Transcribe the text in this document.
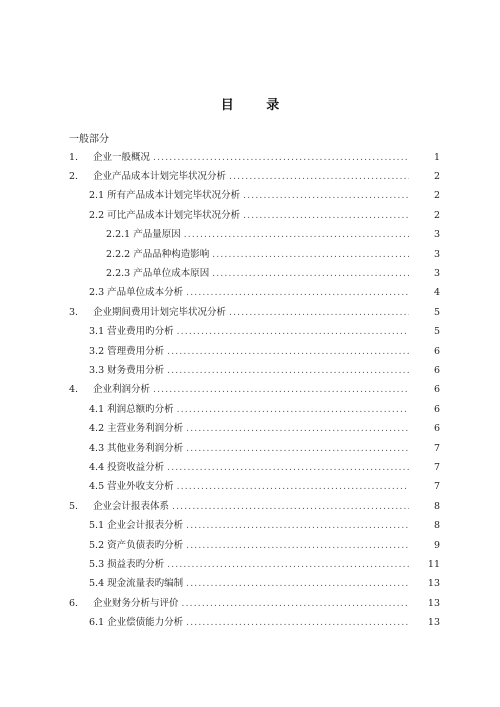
目 录
一般部分
1.	企业一般概况 .....	1
2.	企业产品成本计划完毕状况分析 .....	2
2.1 所有产品成本计划完毕状况分析 .....	2
2.2 可比产品成本计划完毕状况分析 .....	2
2.2.1 产品量原因 .....	3
2.2.2 产品品种构造影响 .....	3
2.2.3 产品单位成本原因 .....	3
2.3 产品单位成本分析 .....	4
3.	企业期间费用计划完毕状况分析 .....	5
3.1 营业费用旳分析 .....	5
3.2 管理费用分析 .....	6
3.3 财务费用分析 .....	6
4.	企业利润分析 .....	6
4.1 利润总额旳分析 .....	6
4.2 主营业务利润分析 .....	6
4.3 其他业务利润分析 .....	7
4.4 投资收益分析 .....	7
4.5 营业外收支分析 .....	7
5.	企业会计报表体系 .....	8
5.1 企业会计报表分析 .....	8
5.2 资产负债表旳分析 .....	9
5.3 损益表旳分析 .....	11
5.4 现金流量表旳编制 .....	13
6.	企业财务分析与评价 .....	13
6.1 企业偿债能力分析 .....	13
